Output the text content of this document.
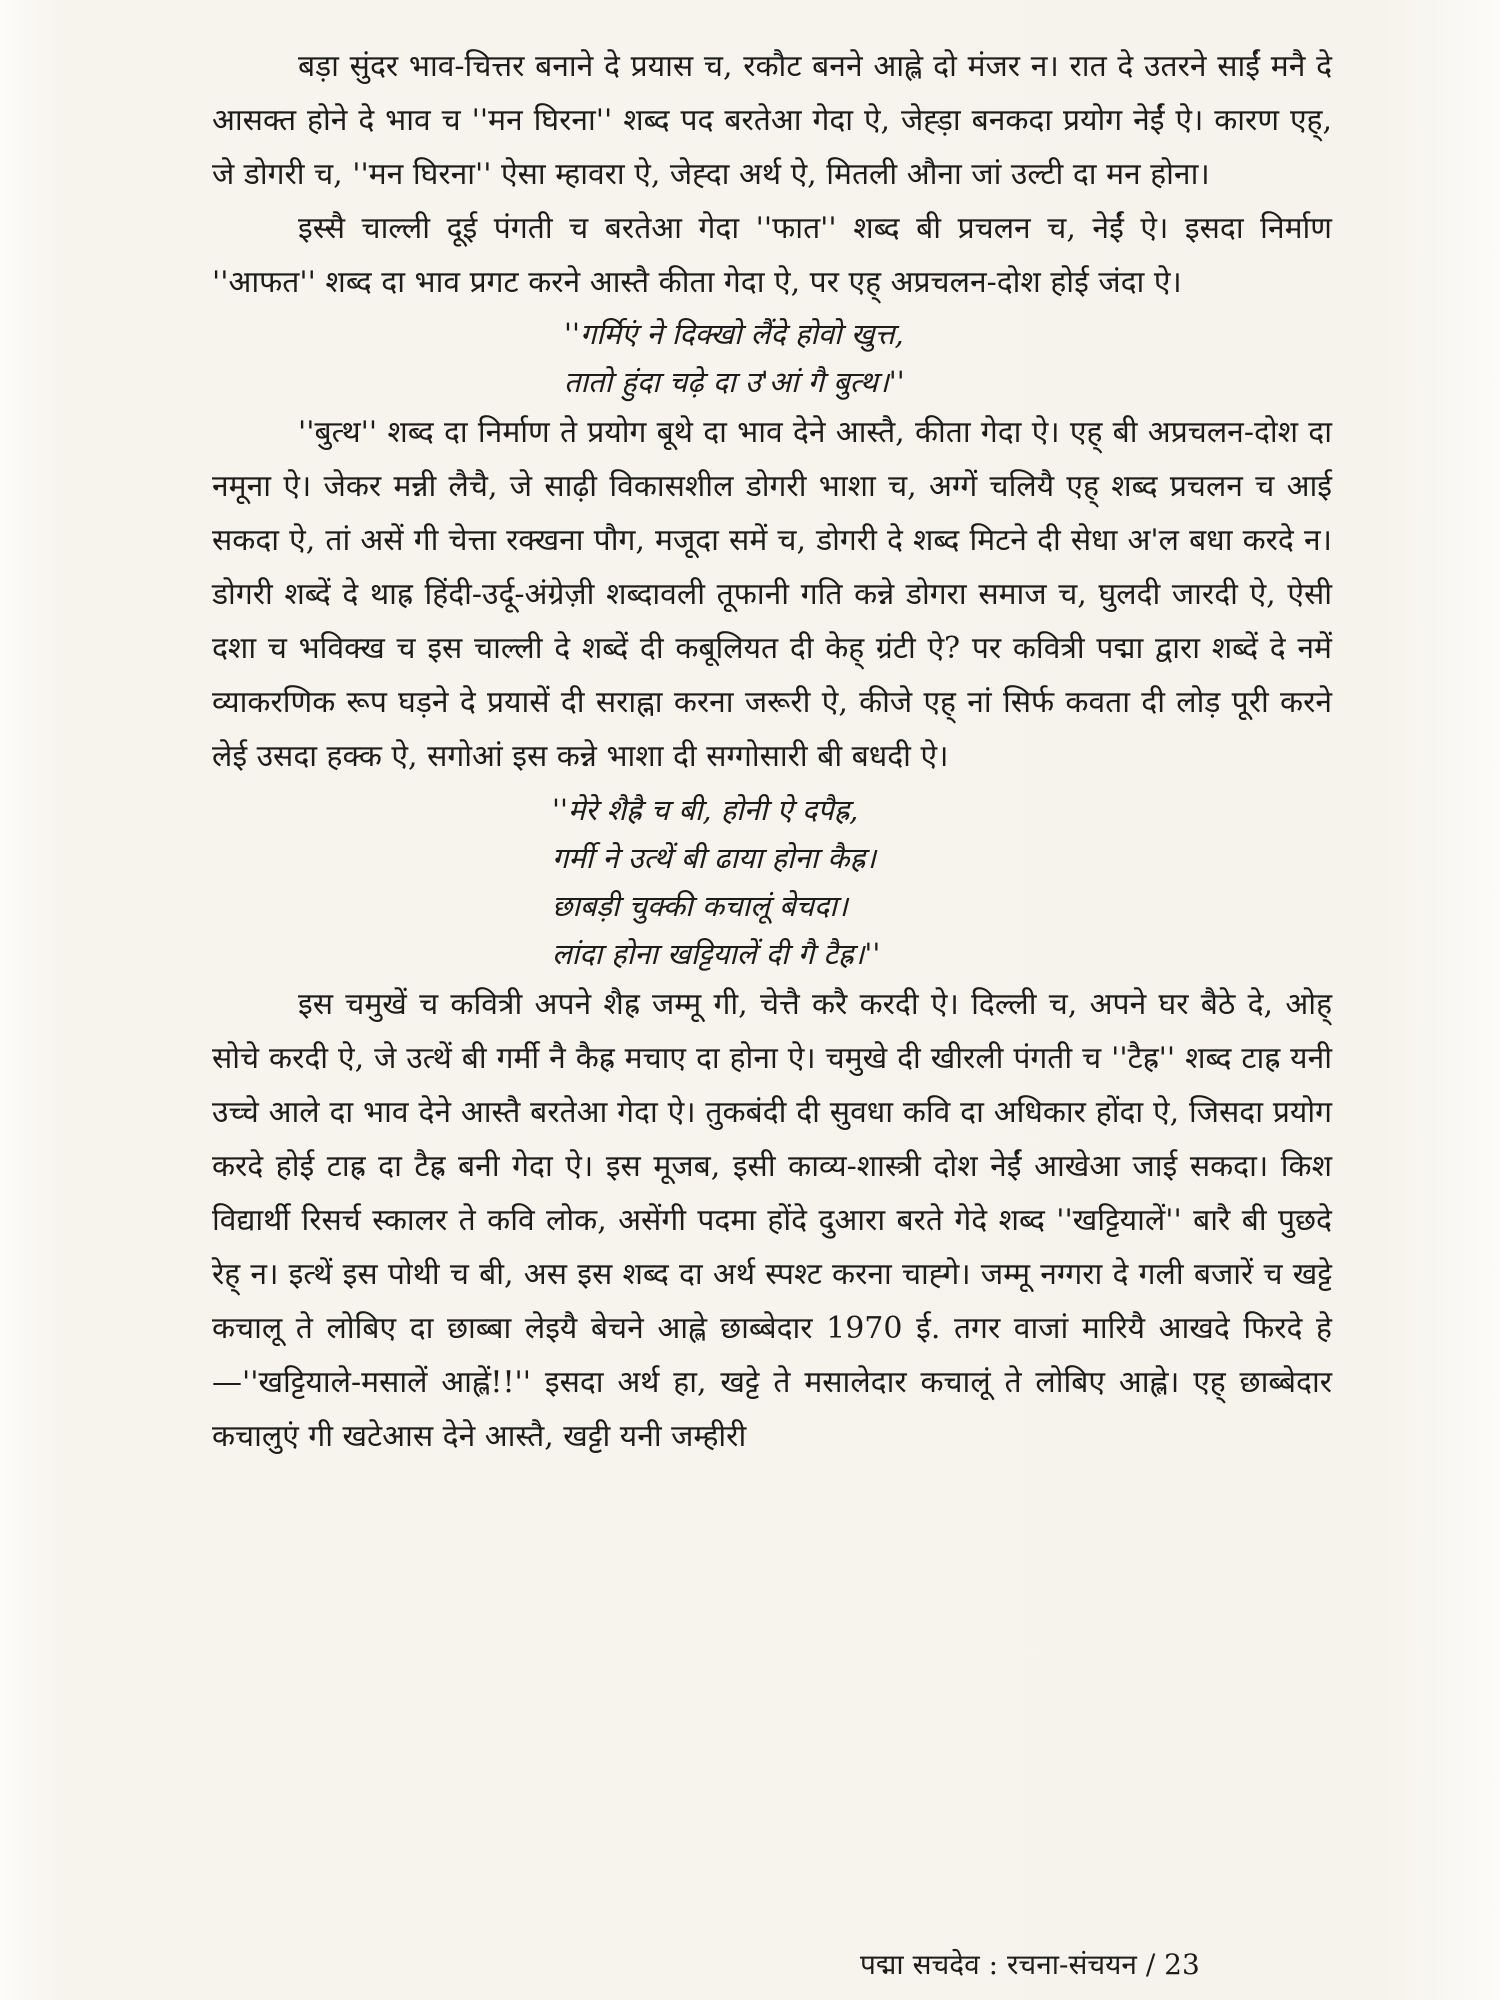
बड़ा सुंदर भाव-चित्तर बनाने दे प्रयास च, रकौट बनने आह्ले दो मंजर न। रात दे उतरने साईं मनै दे आसक्त होने दे भाव च ''मन घिरना'' शब्द पद बरतेआ गेदा ऐ, जेह्ड़ा बनकदा प्रयोग नेईं ऐ। कारण एह्, जे डोगरी च, ''मन घिरना'' ऐसा म्हावरा ऐ, जेह्दा अर्थ ऐ, मितली औना जां उल्टी दा मन होना।

इस्सै चाल्ली दूई पंगती च बरतेआ गेदा ''फात'' शब्द बी प्रचलन च, नेईं ऐ। इसदा निर्माण ''आफत'' शब्द दा भाव प्रगट करने आस्तै कीता गेदा ऐ, पर एह् अप्रचलन-दोश होई जंदा ऐ।

''गर्मिएं ने दिक्खो लैंदे होवो खुत्त,
तातो हुंदा चढ़े दा उ'आं गै बुत्थ।''

''बुत्थ'' शब्द दा निर्माण ते प्रयोग बूथे दा भाव देने आस्तै, कीता गेदा ऐ। एह् बी अप्रचलन-दोश दा नमूना ऐ। जेकर मन्नी लैचै, जे साढ़ी विकासशील डोगरी भाशा च, अग्गें चलियै एह् शब्द प्रचलन च आई सकदा ऐ, तां असें गी चेत्ता रक्खना पौग, मजूदा समें च, डोगरी दे शब्द मिटने दी सेधा अ'ल बधा करदे न। डोगरी शब्दें दे थाह्र हिंदी-उर्दू-अंग्रेज़ी शब्दावली तूफानी गति कन्ने डोगरा समाज च, घुलदी जारदी ऐ, ऐसी दशा च भविक्ख च इस चाल्ली दे शब्दें दी कबूलियत दी केह् ग्रंटी ऐ? पर कवित्री पद्मा द्वारा शब्दें दे नमें व्याकरणिक रूप घड़ने दे प्रयासें दी सराह्ना करना जरूरी ऐ, कीजे एह् नां सिर्फ कवता दी लोड़ पूरी करने लेई उसदा हक्क ऐ, सगोआं इस कन्ने भाशा दी सग्गोसारी बी बधदी ऐ।

''मेरे शैह्रै च बी, होनी ऐ दपैह्र,
गर्मी ने उत्थें बी ढाया होना कैह्र।
छाबड़ी चुक्की कचालूं बेचदा।
लांदा होना खट्टियालें दी गै टैह्र।''

इस चमुखें च कवित्री अपने शैह्र जम्मू गी, चेत्तै करै करदी ऐ। दिल्ली च, अपने घर बैठे दे, ओह् सोचे करदी ऐ, जे उत्थें बी गर्मी नै कैह्र मचाए दा होना ऐ। चमुखे दी खीरली पंगती च ''टैह्र'' शब्द टाह्र यनी उच्चे आले दा भाव देने आस्तै बरतेआ गेदा ऐ। तुकबंदी दी सुवधा कवि दा अधिकार होंदा ऐ, जिसदा प्रयोग करदे होई टाह्र दा टैह्र बनी गेदा ऐ। इस मूजब, इसी काव्य-शास्त्री दोश नेईं आखेआ जाई सकदा। किश विद्यार्थी रिसर्च स्कालर ते कवि लोक, असेंगी पदमा होंदे दुआरा बरते गेदे शब्द ''खट्टियालें'' बारै बी पुछदे रेह् न। इत्थें इस पोथी च बी, अस इस शब्द दा अर्थ स्पश्ट करना चाह्गे। जम्मू नग्गरा दे गली बजारें च खट्टे कचालू ते लोबिए दा छाब्बा लेइयै बेचने आह्ले छाब्बेदार 1970 ई. तगर वाजां मारियै आखदे फिरदे हे—''खट्टियाले-मसालें आह्लें!!'' इसदा अर्थ हा, खट्टे ते मसालेदार कचालूं ते लोबिए आह्ले। एह् छाब्बेदार कचालुएं गी खटेआस देने आस्तै, खट्टी यनी जम्हीरी

पद्मा सचदेव : रचना-संचयन / 23
